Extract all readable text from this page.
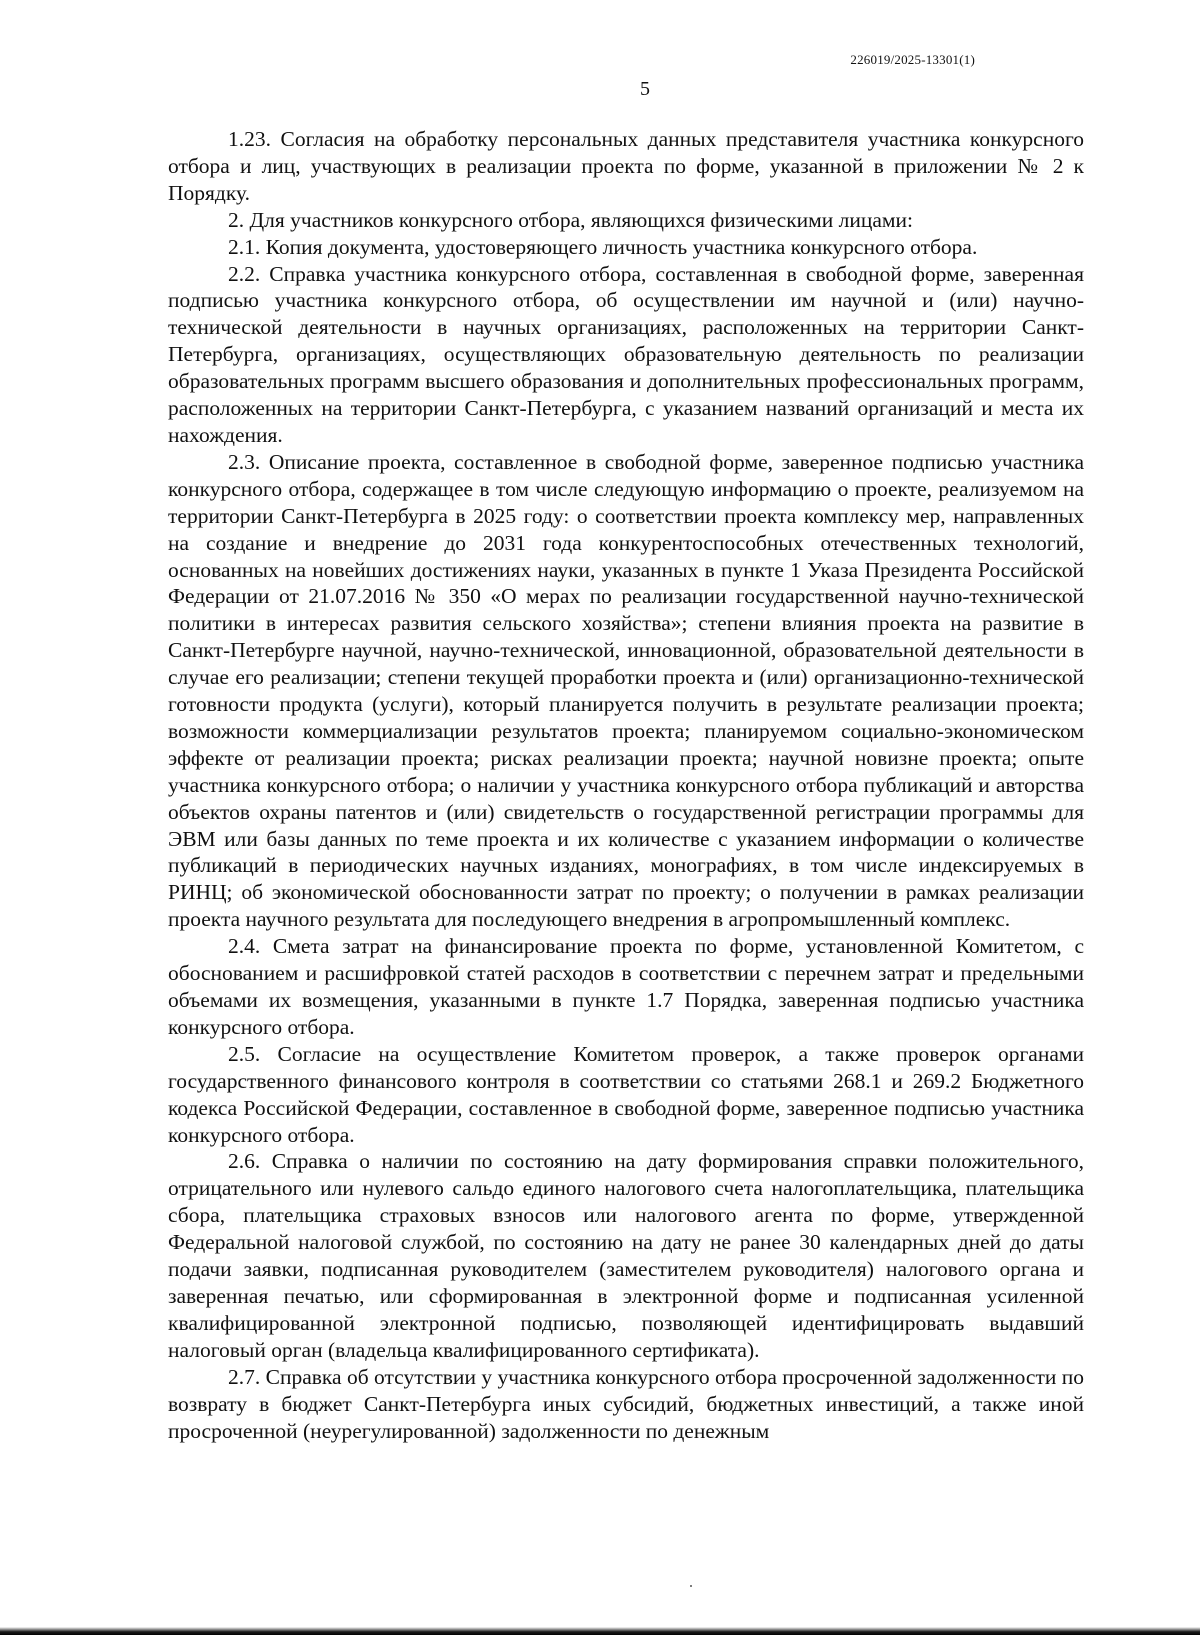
226019/2025-13301(1)
5

1.23. Согласия на обработку персональных данных представителя участника конкурсного отбора и лиц, участвующих в реализации проекта по форме, указанной в приложении № 2 к Порядку.

2. Для участников конкурсного отбора, являющихся физическими лицами:

2.1. Копия документа, удостоверяющего личность участника конкурсного отбора.

2.2. Справка участника конкурсного отбора, составленная в свободной форме, заверенная подписью участника конкурсного отбора, об осуществлении им научной и (или) научно-технической деятельности в научных организациях, расположенных на территории Санкт-Петербурга, организациях, осуществляющих образовательную деятельность по реализации образовательных программ высшего образования и дополнительных профессиональных программ, расположенных на территории Санкт-Петербурга, с указанием названий организаций и места их нахождения.

2.3. Описание проекта, составленное в свободной форме, заверенное подписью участника конкурсного отбора, содержащее в том числе следующую информацию о проекте, реализуемом на территории Санкт-Петербурга в 2025 году: о соответствии проекта комплексу мер, направленных на создание и внедрение до 2031 года конкурентоспособных отечественных технологий, основанных на новейших достижениях науки, указанных в пункте 1 Указа Президента Российской Федерации от 21.07.2016 № 350 «О мерах по реализации государственной научно-технической политики в интересах развития сельского хозяйства»; степени влияния проекта на развитие в Санкт-Петербурге научной, научно-технической, инновационной, образовательной деятельности в случае его реализации; степени текущей проработки проекта и (или) организационно-технической готовности продукта (услуги), который планируется получить в результате реализации проекта; возможности коммерциализации результатов проекта; планируемом социально-экономическом эффекте от реализации проекта; рисках реализации проекта; научной новизне проекта; опыте участника конкурсного отбора; о наличии у участника конкурсного отбора публикаций и авторства объектов охраны патентов и (или) свидетельств о государственной регистрации программы для ЭВМ или базы данных по теме проекта и их количестве с указанием информации о количестве публикаций в периодических научных изданиях, монографиях, в том числе индексируемых в РИНЦ; об экономической обоснованности затрат по проекту; о получении в рамках реализации проекта научного результата для последующего внедрения в агропромышленный комплекс.

2.4. Смета затрат на финансирование проекта по форме, установленной Комитетом, с обоснованием и расшифровкой статей расходов в соответствии с перечнем затрат и предельными объемами их возмещения, указанными в пункте 1.7 Порядка, заверенная подписью участника конкурсного отбора.

2.5. Согласие на осуществление Комитетом проверок, а также проверок органами государственного финансового контроля в соответствии со статьями 268.1 и 269.2 Бюджетного кодекса Российской Федерации, составленное в свободной форме, заверенное подписью участника конкурсного отбора.

2.6. Справка о наличии по состоянию на дату формирования справки положительного, отрицательного или нулевого сальдо единого налогового счета налогоплательщика, плательщика сбора, плательщика страховых взносов или налогового агента по форме, утвержденной Федеральной налоговой службой, по состоянию на дату не ранее 30 календарных дней до даты подачи заявки, подписанная руководителем (заместителем руководителя) налогового органа и заверенная печатью, или сформированная в электронной форме и подписанная усиленной квалифицированной электронной подписью, позволяющей идентифицировать выдавший налоговый орган (владельца квалифицированного сертификата).

2.7. Справка об отсутствии у участника конкурсного отбора просроченной задолженности по возврату в бюджет Санкт-Петербурга иных субсидий, бюджетных инвестиций, а также иной просроченной (неурегулированной) задолженности по денежным
